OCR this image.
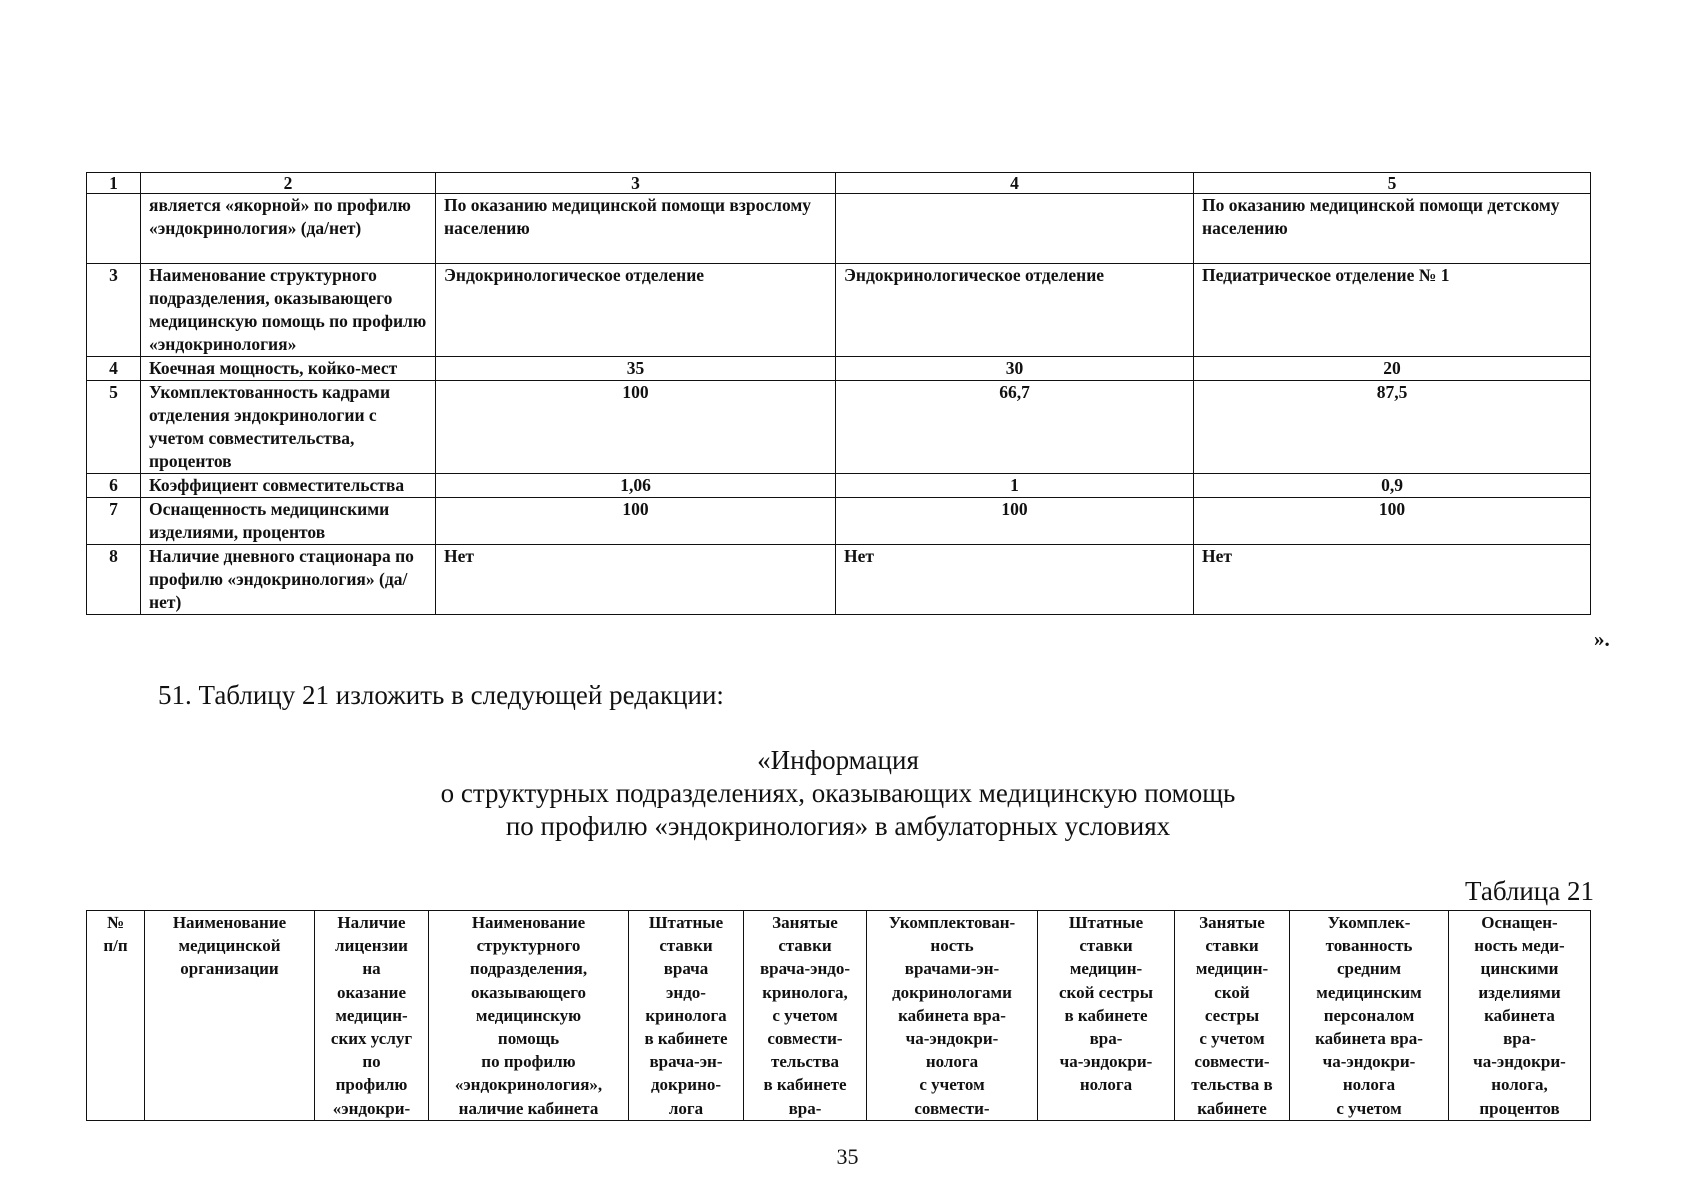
1	2	3	4	5
	является «якорной» по профилю «эндокринология» (да/нет)	По оказанию медицинской помощи взрослому населению		По оказанию медицинской помощи детскому населению
3	Наименование структурного подразделения, оказывающего медицинскую помощь по профилю «эндокринология»	Эндокринологическое отделение	Эндокринологическое отделение	Педиатрическое отделение № 1
4	Коечная мощность, койко-мест	35	30	20
5	Укомплектованность кадрами отделения эндокринологии с учетом совместительства, процентов	100	66,7	87,5
6	Коэффициент совместительства	1,06	1	0,9
7	Оснащенность медицинскими изделиями, процентов	100	100	100
8	Наличие дневного стационара по профилю «эндокринология» (да/нет)	Нет	Нет	Нет
».
51. Таблицу 21 изложить в следующей редакции:
«Информация
о структурных подразделениях, оказывающих медицинскую помощь
по профилю «эндокринология» в амбулаторных условиях
Таблица 21
№
п/п	Наименование
медицинской
организации	Наличие
лицензии
на
оказание
медицин-
ских услуг
по
профилю
«эндокри-	Наименование
структурного
подразделения,
оказывающего
медицинскую
помощь
по профилю
«эндокринология»,
наличие кабинета	Штатные
ставки
врача
эндо-
кринолога
в кабинете
врача-эн-
докрино-
лога	Занятые
ставки
врача-эндо-
кринолога,
с учетом
совмести-
тельства
в кабинете
вра-	Укомплектован-
ность
врачами-эн-
докринологами
кабинета вра-
ча-эндокри-
нолога
с учетом
совмести-	Штатные
ставки
медицин-
ской сестры
в кабинете
вра-
ча-эндокри-
нолога	Занятые
ставки
медицин-
ской
сестры
с учетом
совмести-
тельства в
кабинете	Укомплек-
тованность
средним
медицинским
персоналом
кабинета вра-
ча-эндокри-
нолога
с учетом	Оснащен-
ность меди-
цинскими
изделиями
кабинета
вра-
ча-эндокри-
нолога,
процентов
35
